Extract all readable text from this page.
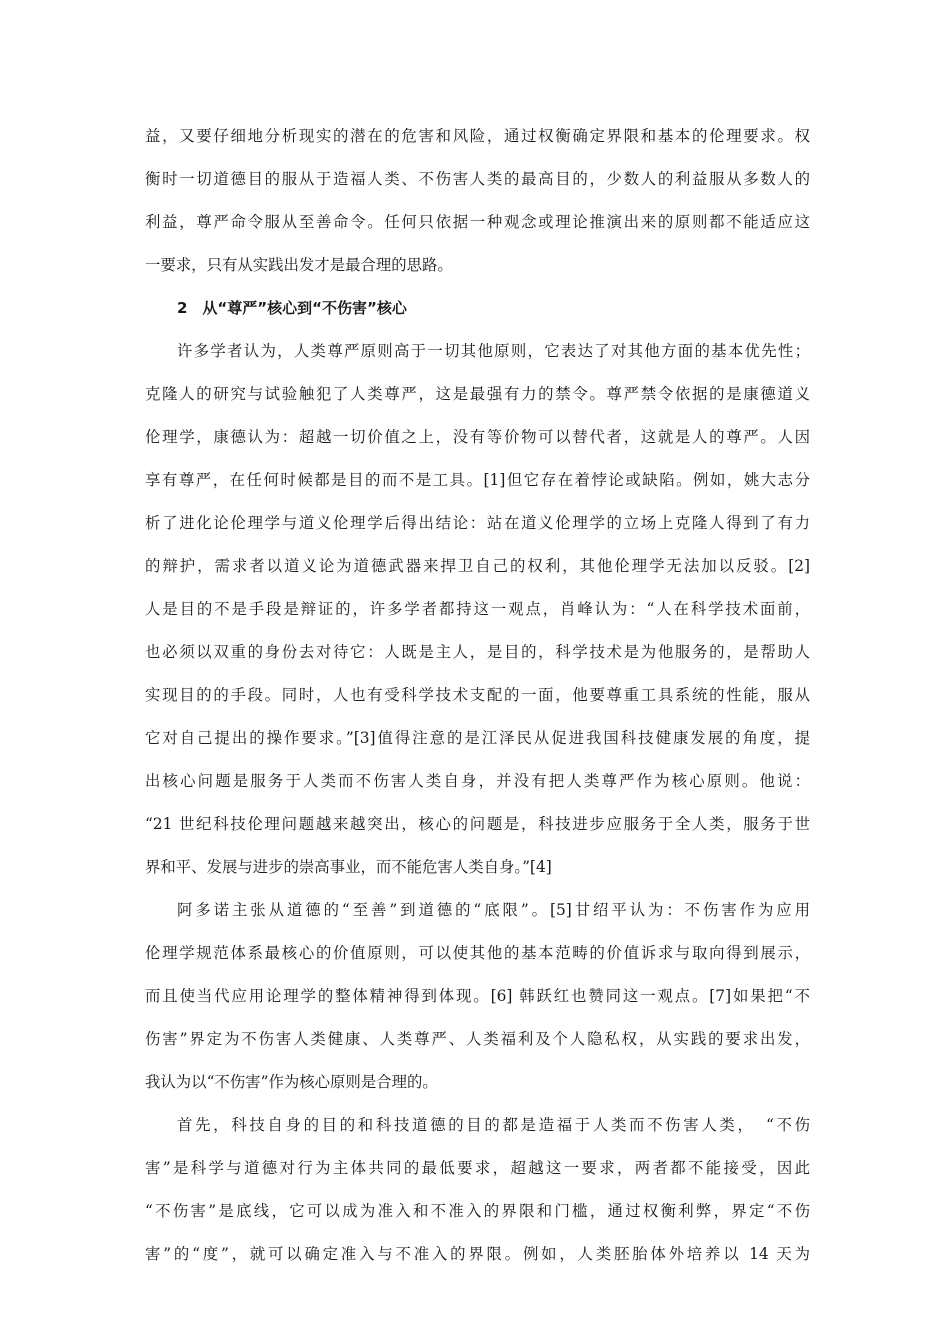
益，又要仔细地分析现实的潜在的危害和风险，通过权衡确定界限和基本的伦理要求。权
衡时一切道德目的服从于造福人类、不伤害人类的最高目的，少数人的利益服从多数人的
利益，尊严命令服从至善命令。任何只依据一种观念或理论推演出来的原则都不能适应这
一要求，只有从实践出发才是最合理的思路。
2　从“尊严”核心到“不伤害”核心
许多学者认为，人类尊严原则高于一切其他原则，它表达了对其他方面的基本优先性；
克隆人的研究与试验触犯了人类尊严，这是最强有力的禁令。尊严禁令依据的是康德道义
伦理学，康德认为：超越一切价值之上，没有等价物可以替代者，这就是人的尊严。人因
享有尊严，在任何时候都是目的而不是工具。[1]但它存在着悖论或缺陷。例如，姚大志分
析了进化论伦理学与道义伦理学后得出结论：站在道义伦理学的立场上克隆人得到了有力
的辩护，需求者以道义论为道德武器来捍卫自己的权利，其他伦理学无法加以反驳。[2]
人是目的不是手段是辩证的，许多学者都持这一观点，肖峰认为：“人在科学技术面前，
也必须以双重的身份去对待它：人既是主人，是目的，科学技术是为他服务的，是帮助人
实现目的的手段。同时，人也有受科学技术支配的一面，他要尊重工具系统的性能，服从
它对自己提出的操作要求。”[3]值得注意的是江泽民从促进我国科技健康发展的角度，提
出核心问题是服务于人类而不伤害人类自身，并没有把人类尊严作为核心原则。他说：
“21 世纪科技伦理问题越来越突出，核心的问题是，科技进步应服务于全人类，服务于世
界和平、发展与进步的崇高事业，而不能危害人类自身。”[4]
阿多诺主张从道德的“至善”到道德的“底限”。[5]甘绍平认为：不伤害作为应用
伦理学规范体系最核心的价值原则，可以使其他的基本范畴的价值诉求与取向得到展示，
而且使当代应用论理学的整体精神得到体现。[6] 韩跃红也赞同这一观点。[7]如果把“不
伤害”界定为不伤害人类健康、人类尊严、人类福利及个人隐私权，从实践的要求出发，
我认为以“不伤害”作为核心原则是合理的。
首先，科技自身的目的和科技道德的目的都是造福于人类而不伤害人类，　“不伤
害”是科学与道德对行为主体共同的最低要求，超越这一要求，两者都不能接受，因此
“不伤害”是底线，它可以成为准入和不准入的界限和门槛，通过权衡利弊，界定“不伤
害”的“度”，就可以确定准入与不准入的界限。例如，人类胚胎体外培养以 14 天为
